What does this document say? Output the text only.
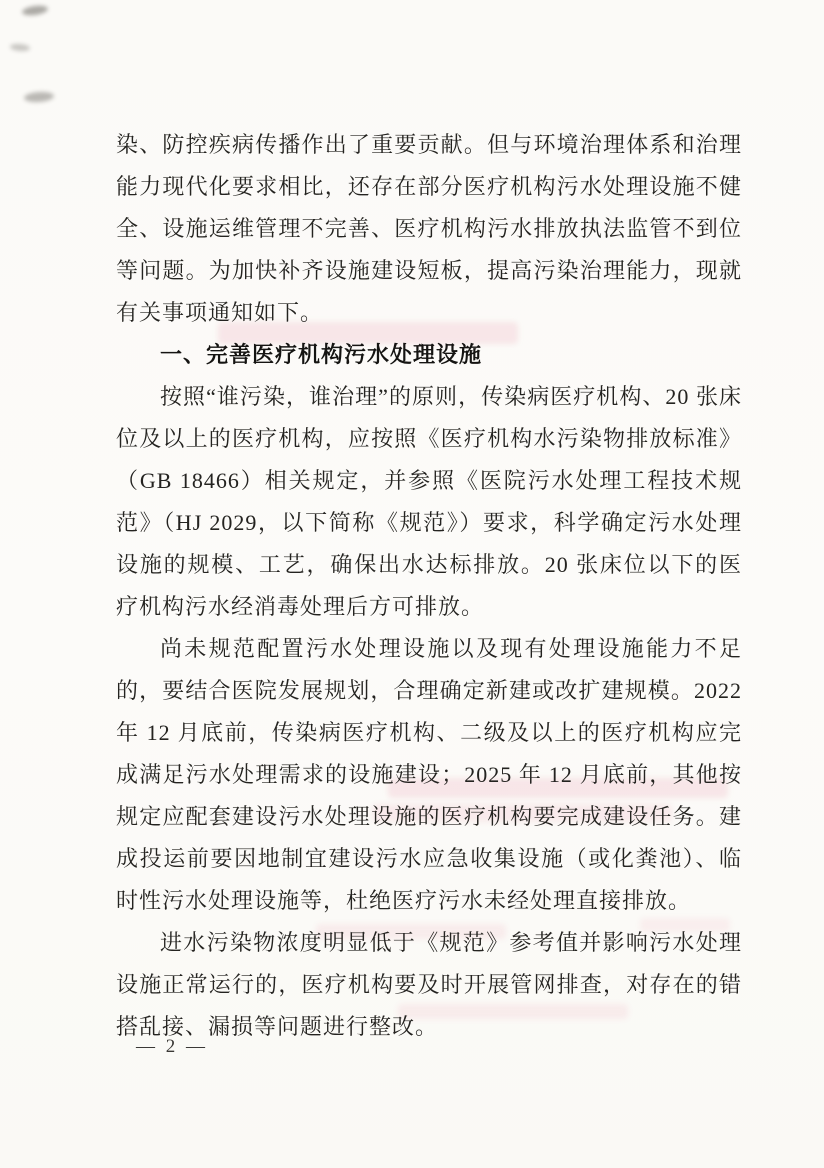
染、防控疾病传播作出了重要贡献。但与环境治理体系和治理能力现代化要求相比，还存在部分医疗机构污水处理设施不健全、设施运维管理不完善、医疗机构污水排放执法监管不到位等问题。为加快补齐设施建设短板，提高污染治理能力，现就有关事项通知如下。

一、完善医疗机构污水处理设施

按照“谁污染，谁治理”的原则，传染病医疗机构、20 张床位及以上的医疗机构，应按照《医疗机构水污染物排放标准》（GB 18466）相关规定，并参照《医院污水处理工程技术规范》（HJ 2029，以下简称《规范》）要求，科学确定污水处理设施的规模、工艺，确保出水达标排放。20 张床位以下的医疗机构污水经消毒处理后方可排放。

尚未规范配置污水处理设施以及现有处理设施能力不足的，要结合医院发展规划，合理确定新建或改扩建规模。2022 年 12 月底前，传染病医疗机构、二级及以上的医疗机构应完成满足污水处理需求的设施建设；2025 年 12 月底前，其他按规定应配套建设污水处理设施的医疗机构要完成建设任务。建成投运前要因地制宜建设污水应急收集设施（或化粪池）、临时性污水处理设施等，杜绝医疗污水未经处理直接排放。

进水污染物浓度明显低于《规范》参考值并影响污水处理设施正常运行的，医疗机构要及时开展管网排查，对存在的错搭乱接、漏损等问题进行整改。

— 2 —
